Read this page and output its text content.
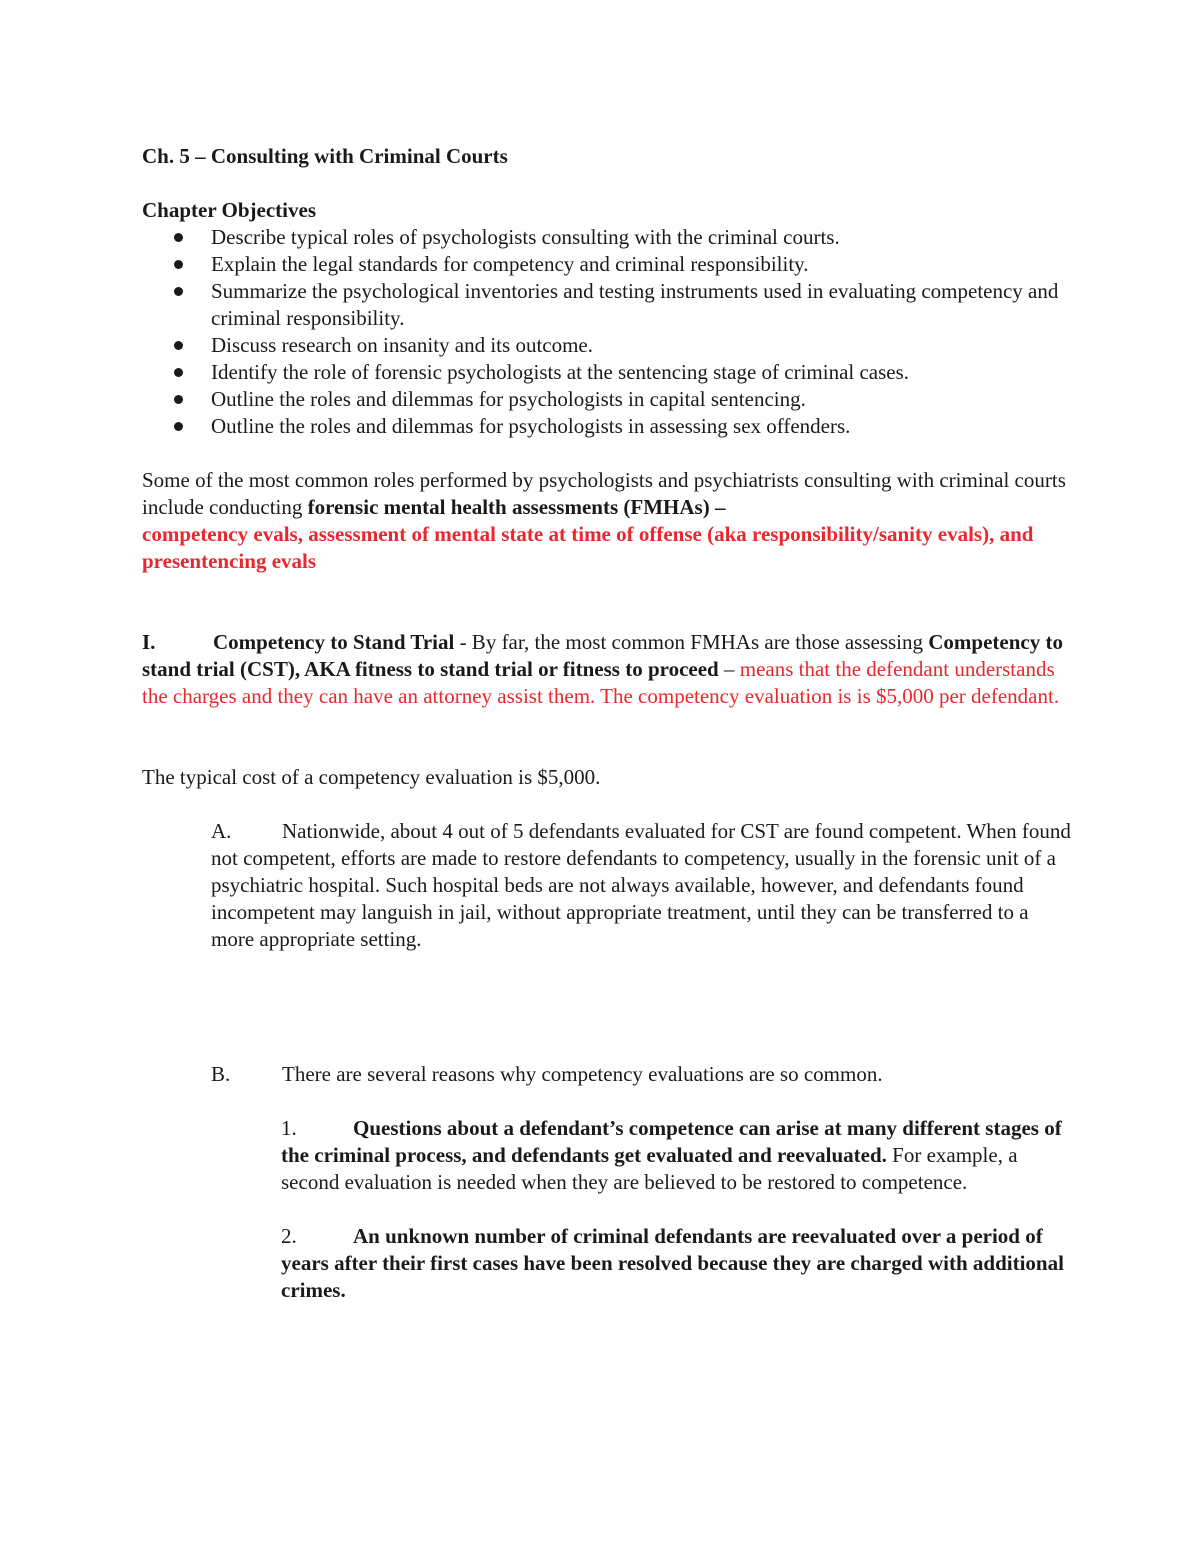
Ch. 5 – Consulting with Criminal Courts

Chapter Objectives

Describe typical roles of psychologists consulting with the criminal courts.
Explain the legal standards for competency and criminal responsibility.
Summarize the psychological inventories and testing instruments used in evaluating competency and criminal responsibility.
Discuss research on insanity and its outcome.
Identify the role of forensic psychologists at the sentencing stage of criminal cases.
Outline the roles and dilemmas for psychologists in capital sentencing.
Outline the roles and dilemmas for psychologists in assessing sex offenders.

Some of the most common roles performed by psychologists and psychiatrists consulting with criminal courts include conducting forensic mental health assessments (FMHAs) –
competency evals, assessment of mental state at time of offense (aka responsibility/sanity evals), and presentencing evals

I.	Competency to Stand Trial - By far, the most common FMHAs are those assessing Competency to stand trial (CST), AKA fitness to stand trial or fitness to proceed – means that the defendant understands the charges and they can have an attorney assist them. The competency evaluation is is $5,000 per defendant.

The typical cost of a competency evaluation is $5,000.

A. Nationwide, about 4 out of 5 defendants evaluated for CST are found competent. When found not competent, efforts are made to restore defendants to competency, usually in the forensic unit of a psychiatric hospital. Such hospital beds are not always available, however, and defendants found incompetent may languish in jail, without appropriate treatment, until they can be transferred to a more appropriate setting.

B. There are several reasons why competency evaluations are so common.

1.	Questions about a defendant’s competence can arise at many different stages of the criminal process, and defendants get evaluated and reevaluated. For example, a second evaluation is needed when they are believed to be restored to competence.

2.	An unknown number of criminal defendants are reevaluated over a period of years after their first cases have been resolved because they are charged with additional crimes.
